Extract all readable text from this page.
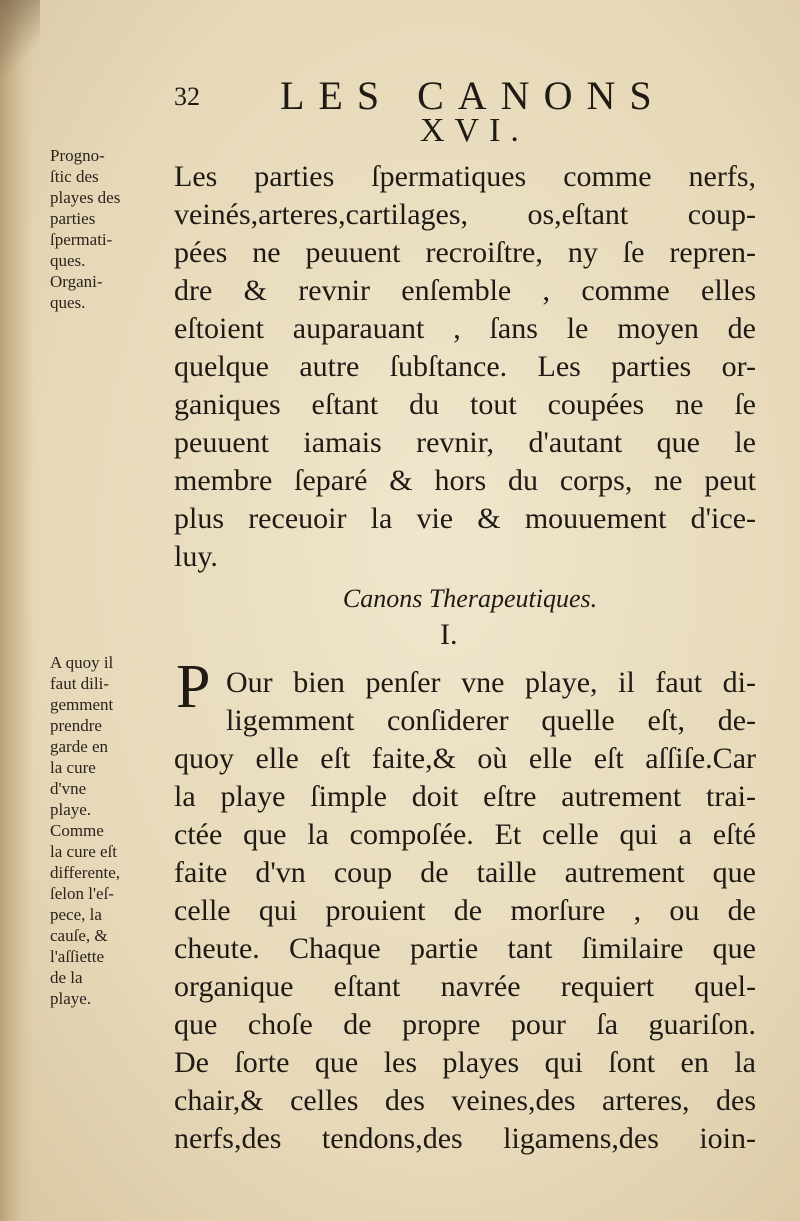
32 LES CANONS
XVI.
Progno-
ſtic des
playes des
parties
ſpermati-
ques.
Organi-
ques.
Les parties ſpermatiques comme nerfs,
veinés,arteres,cartilages, os,eſtant coup-
pées ne peuuent recroiſtre, ny ſe repren-
dre & revnir enſemble , comme elles
eſtoient auparauant , ſans le moyen de
quelque autre ſubſtance. Les parties or-
ganiques eſtant du tout coupées ne ſe
peuuent iamais revnir, d'autant que le
membre ſeparé & hors du corps, ne peut
plus receuoir la vie & mouuement d'ice-
luy.
Canons Therapeutiques.
I.
A quoy il
faut dili-
gemment
prendre
garde en
la cure
d'vne
playe.
Comme
la cure eſt
differente,
ſelon l'eſ-
pece, la
cauſe, &
l'aſſiette
de la
playe.
P Our bien penſer vne playe, il faut di-
ligemment conſiderer quelle eſt, de-
quoy elle eſt faite,& où elle eſt aſſiſe.Car
la playe ſimple doit eſtre autrement trai-
ctée que la compoſée. Et celle qui a eſté
faite d'vn coup de taille autrement que
celle qui prouient de morſure , ou de
cheute. Chaque partie tant ſimilaire que
organique eſtant navrée requiert quel-
que choſe de propre pour ſa guariſon.
De ſorte que les playes qui ſont en la
chair,& celles des veines,des arteres, des
nerfs,des tendons,des ligamens,des ioin-
